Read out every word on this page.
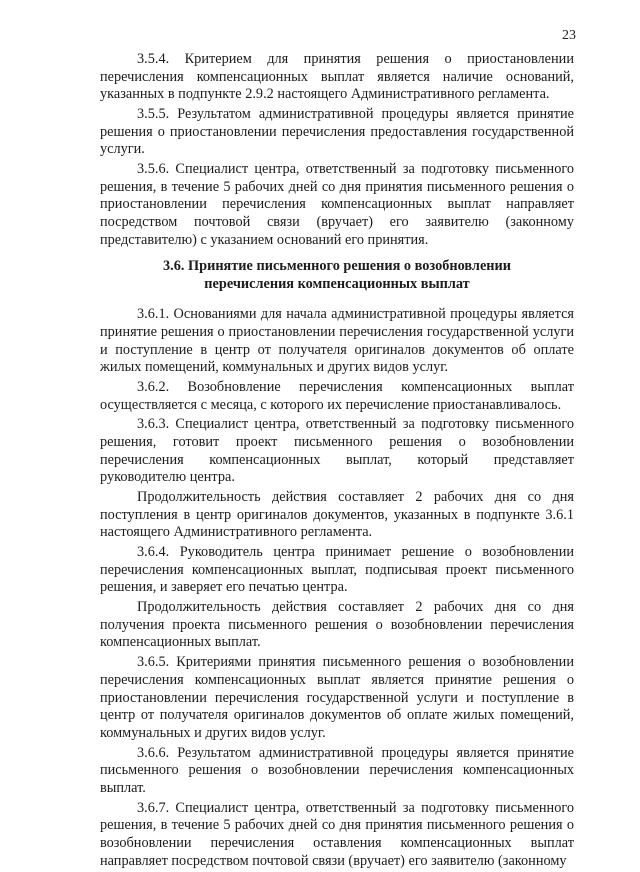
23

3.5.4. Критерием для принятия решения о приостановлении перечисления компенсационных выплат является наличие оснований, указанных в подпункте 2.9.2 настоящего Административного регламента.

3.5.5. Результатом административной процедуры является принятие решения о приостановлении перечисления предоставления государственной услуги.

3.5.6. Специалист центра, ответственный за подготовку письменного решения, в течение 5 рабочих дней со дня принятия письменного решения о приостановлении перечисления компенсационных выплат направляет посредством почтовой связи (вручает) его заявителю (законному представителю) с указанием оснований его принятия.

3.6. Принятие письменного решения о возобновлении перечисления компенсационных выплат

3.6.1. Основаниями для начала административной процедуры является принятие решения о приостановлении перечисления государственной услуги и поступление в центр от получателя оригиналов документов об оплате жилых помещений, коммунальных и других видов услуг.

3.6.2. Возобновление перечисления компенсационных выплат осуществляется с месяца, с которого их перечисление приостанавливалось.

3.6.3. Специалист центра, ответственный за подготовку письменного решения, готовит проект письменного решения о возобновлении перечисления компенсационных выплат, который представляет руководителю центра.

Продолжительность действия составляет 2 рабочих дня со дня поступления в центр оригиналов документов, указанных в подпункте 3.6.1 настоящего Административного регламента.

3.6.4. Руководитель центра принимает решение о возобновлении перечисления компенсационных выплат, подписывая проект письменного решения, и заверяет его печатью центра.

Продолжительность действия составляет 2 рабочих дня со дня получения проекта письменного решения о возобновлении перечисления компенсационных выплат.

3.6.5. Критериями принятия письменного решения о возобновлении перечисления компенсационных выплат является принятие решения о приостановлении перечисления государственной услуги и поступление в центр от получателя оригиналов документов об оплате жилых помещений, коммунальных и других видов услуг.

3.6.6. Результатом административной процедуры является принятие письменного решения о возобновлении перечисления компенсационных выплат.

3.6.7. Специалист центра, ответственный за подготовку письменного решения, в течение 5 рабочих дней со дня принятия письменного решения о возобновлении перечисления оставления компенсационных выплат направляет посредством почтовой связи (вручает) его заявителю (законному
